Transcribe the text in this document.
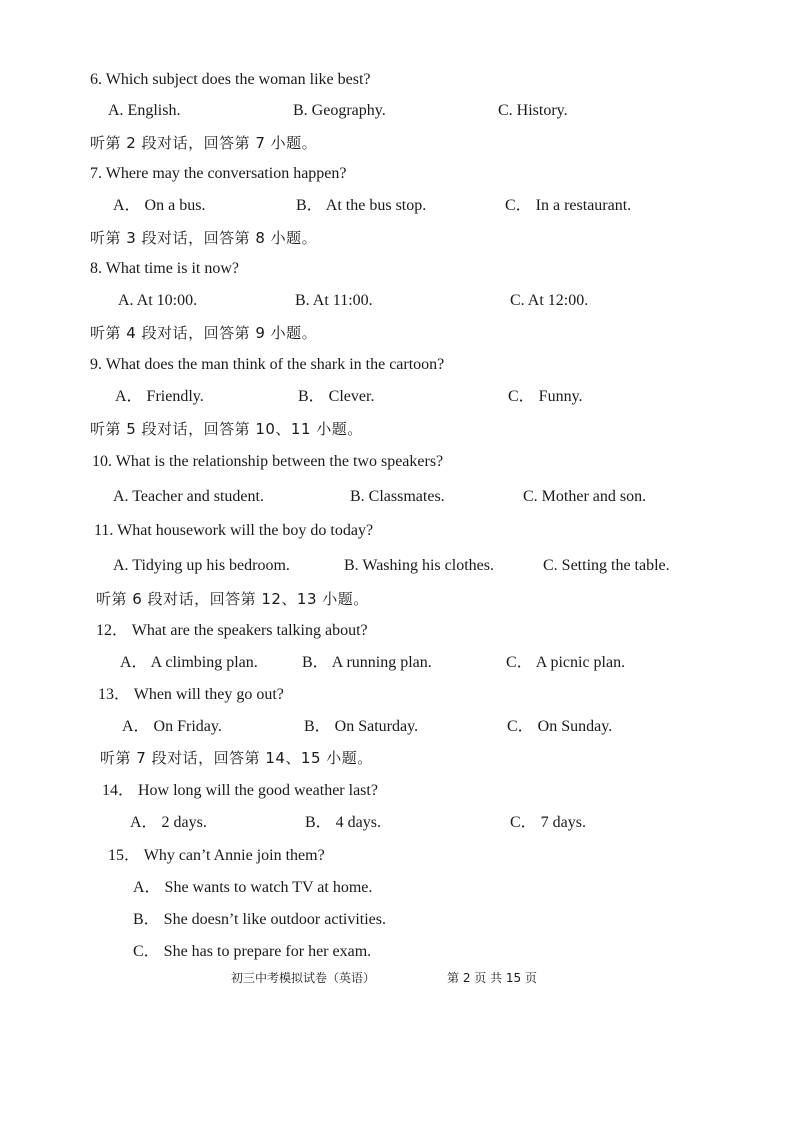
6. Which subject does the woman like best?
A. English.	B. Geography.	C. History.
听第 2 段对话，回答第 7 小题。
7. Where may the conversation happen?
A． On a bus.	B． At the bus stop.	C． In a restaurant.
听第 3 段对话，回答第 8 小题。
8. What time is it now?
A. At 10:00.	B. At 11:00.	C. At 12:00.
听第 4 段对话，回答第 9 小题。
9. What does the man think of the shark in the cartoon?
A． Friendly.	B． Clever.	C． Funny.
听第 5 段对话，回答第 10、11 小题。
10. What is the relationship between the two speakers?
A. Teacher and student.	B. Classmates.	C. Mother and son.
11. What housework will the boy do today?
A. Tidying up his bedroom.	B. Washing his clothes.	C. Setting the table.
听第 6 段对话，回答第 12、13 小题。
12． What are the speakers talking about?
A． A climbing plan.	B． A running plan.	C． A picnic plan.
13． When will they go out?
A． On Friday.	B． On Saturday.	C． On Sunday.
听第 7 段对话，回答第 14、15 小题。
14． How long will the good weather last?
A． 2 days.	B． 4 days.	C． 7 days.
15． Why can’t Annie join them?
A． She wants to watch TV at home.
B． She doesn’t like outdoor activities.
C． She has to prepare for her exam.
初三中考模拟试卷（英语）	第 2 页 共 15 页
